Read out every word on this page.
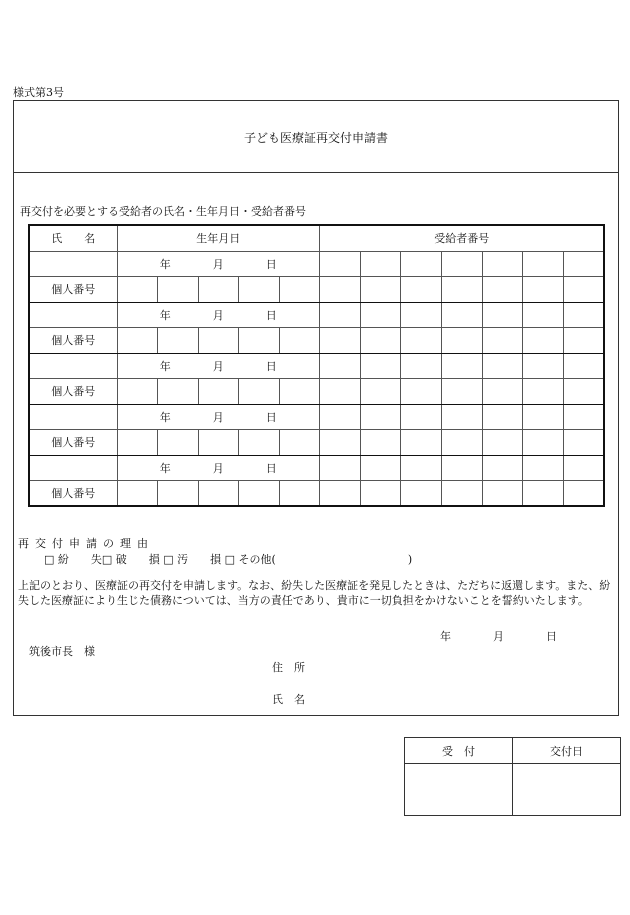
様式第3号
子ども医療証再交付申請書
再交付を必要とする受給者の氏名・生年月日・受給者番号
氏　　名	生年月日					受給者番号						
	年 月 日											
個人番号												
	年 月 日											
個人番号												
	年 月 日											
個人番号												
	年 月 日											
個人番号												
	年 月 日											
個人番号												
再交付申請の理由
□ 紛　　失□ 破　　損 □ 汚　　損 □ その他(　　　　　　　　　　　　)
上記のとおり、医療証の再交付を申請します。なお、紛失した医療証を発見したときは、ただちに返還します。また、紛失した医療証により生じた債務については、当方の責任であり、貴市に一切負担をかけないことを誓約いたします。
年	月	日
筑後市長　様
住　所
氏　名
受　付	交付日
